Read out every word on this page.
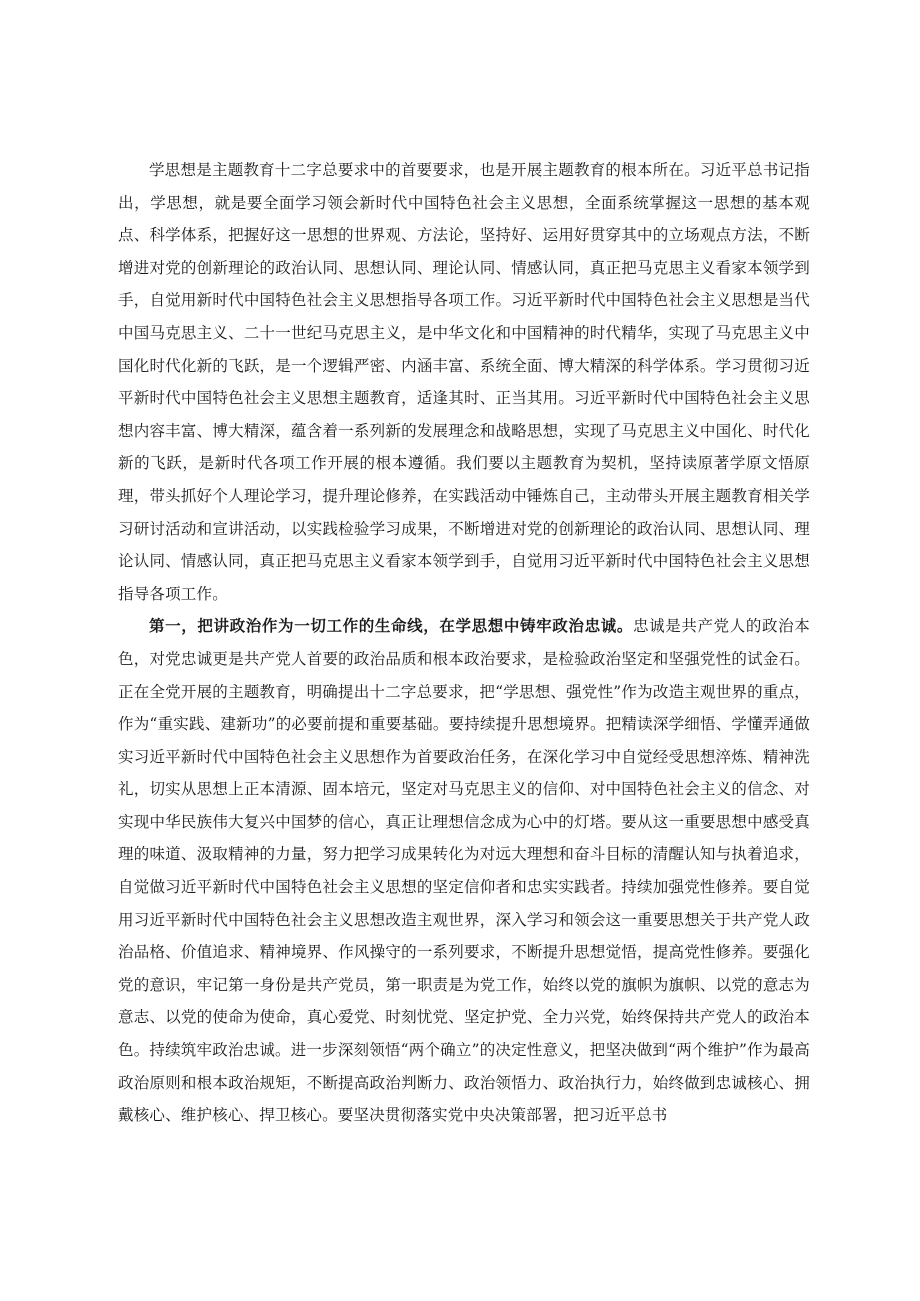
学思想是主题教育十二字总要求中的首要要求，也是开展主题教育的根本所在。习近平总书记指出，学思想，就是要全面学习领会新时代中国特色社会主义思想，全面系统掌握这一思想的基本观点、科学体系，把握好这一思想的世界观、方法论，坚持好、运用好贯穿其中的立场观点方法，不断增进对党的创新理论的政治认同、思想认同、理论认同、情感认同，真正把马克思主义看家本领学到手，自觉用新时代中国特色社会主义思想指导各项工作。习近平新时代中国特色社会主义思想是当代中国马克思主义、二十一世纪马克思主义，是中华文化和中国精神的时代精华，实现了马克思主义中国化时代化新的飞跃，是一个逻辑严密、内涵丰富、系统全面、博大精深的科学体系。学习贯彻习近平新时代中国特色社会主义思想主题教育，适逢其时、正当其用。习近平新时代中国特色社会主义思想内容丰富、博大精深，蕴含着一系列新的发展理念和战略思想，实现了马克思主义中国化、时代化新的飞跃，是新时代各项工作开展的根本遵循。我们要以主题教育为契机，坚持读原著学原文悟原理，带头抓好个人理论学习，提升理论修养，在实践活动中锤炼自己，主动带头开展主题教育相关学习研讨活动和宣讲活动，以实践检验学习成果，不断增进对党的创新理论的政治认同、思想认同、理论认同、情感认同，真正把马克思主义看家本领学到手，自觉用习近平新时代中国特色社会主义思想指导各项工作。

第一，把讲政治作为一切工作的生命线，在学思想中铸牢政治忠诚。忠诚是共产党人的政治本色，对党忠诚更是共产党人首要的政治品质和根本政治要求，是检验政治坚定和坚强党性的试金石。正在全党开展的主题教育，明确提出十二字总要求，把“学思想、强党性”作为改造主观世界的重点，作为“重实践、建新功”的必要前提和重要基础。要持续提升思想境界。把精读深学细悟、学懂弄通做实习近平新时代中国特色社会主义思想作为首要政治任务，在深化学习中自觉经受思想淬炼、精神洗礼，切实从思想上正本清源、固本培元，坚定对马克思主义的信仰、对中国特色社会主义的信念、对实现中华民族伟大复兴中国梦的信心，真正让理想信念成为心中的灯塔。要从这一重要思想中感受真理的味道、汲取精神的力量，努力把学习成果转化为对远大理想和奋斗目标的清醒认知与执着追求，自觉做习近平新时代中国特色社会主义思想的坚定信仰者和忠实实践者。持续加强党性修养。要自觉用习近平新时代中国特色社会主义思想改造主观世界，深入学习和领会这一重要思想关于共产党人政治品格、价值追求、精神境界、作风操守的一系列要求，不断提升思想觉悟，提高党性修养。要强化党的意识，牢记第一身份是共产党员，第一职责是为党工作，始终以党的旗帜为旗帜、以党的意志为意志、以党的使命为使命，真心爱党、时刻忧党、坚定护党、全力兴党，始终保持共产党人的政治本色。持续筑牢政治忠诚。进一步深刻领悟“两个确立”的决定性意义，把坚决做到“两个维护”作为最高政治原则和根本政治规矩，不断提高政治判断力、政治领悟力、政治执行力，始终做到忠诚核心、拥戴核心、维护核心、捍卫核心。要坚决贯彻落实党中央决策部署，把习近平总书
